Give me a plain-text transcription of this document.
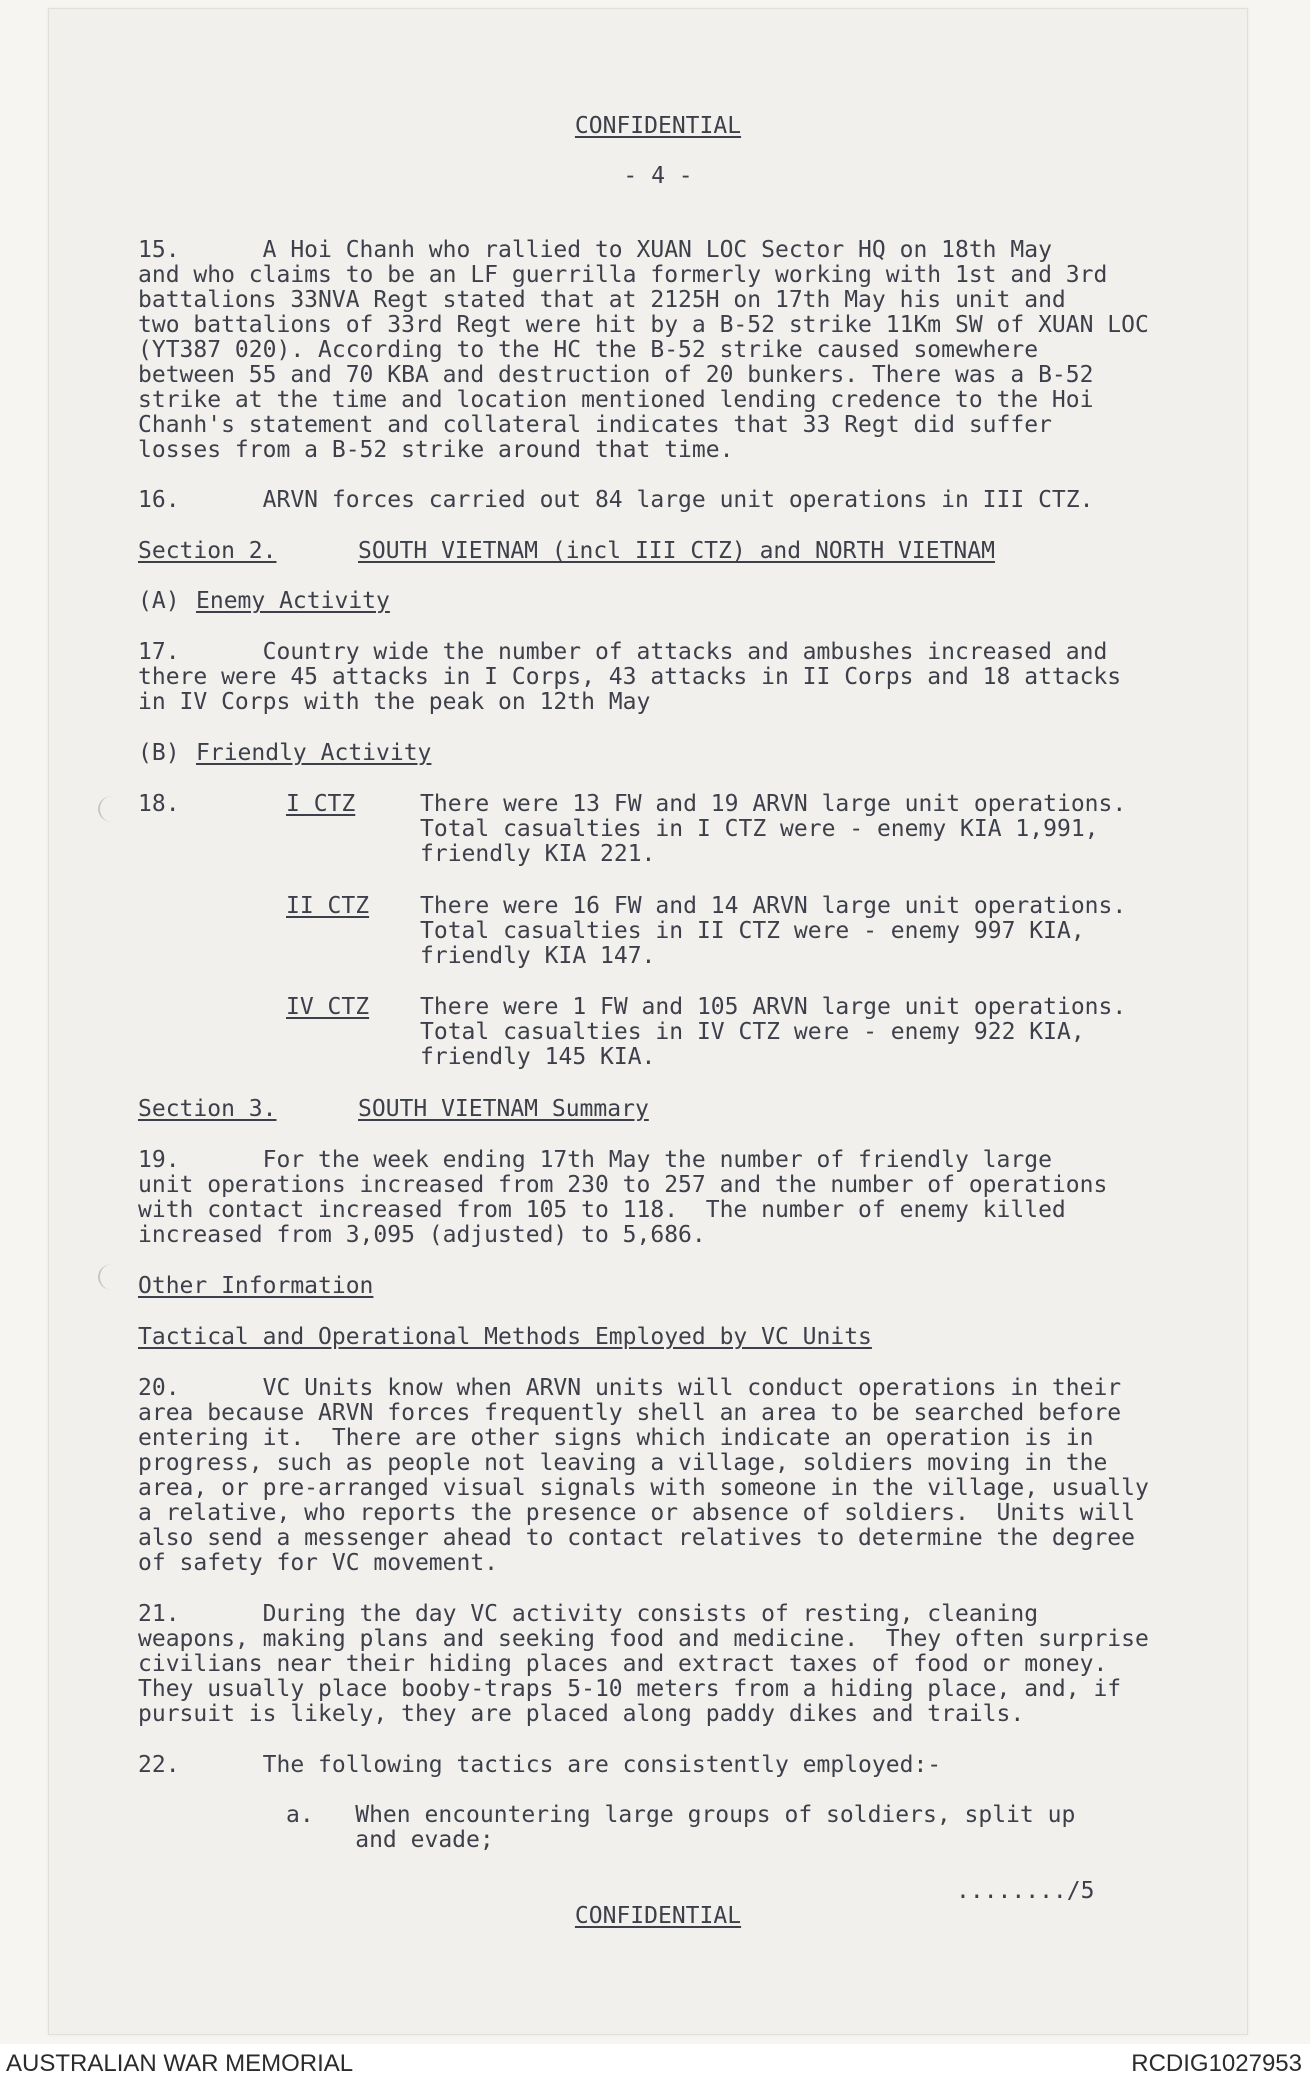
CONFIDENTIAL
- 4 -
15.      A Hoi Chanh who rallied to XUAN LOC Sector HQ on 18th May
and who claims to be an LF guerrilla formerly working with 1st and 3rd
battalions 33NVA Regt stated that at 2125H on 17th May his unit and
two battalions of 33rd Regt were hit by a B-52 strike 11Km SW of XUAN LOC
(YT387 020). According to the HC the B-52 strike caused somewhere
between 55 and 70 KBA and destruction of 20 bunkers. There was a B-52
strike at the time and location mentioned lending credence to the Hoi
Chanh's statement and collateral indicates that 33 Regt did suffer
losses from a B-52 strike around that time.
16.      ARVN forces carried out 84 large unit operations in III CTZ.
Section 2.	SOUTH VIETNAM (incl III CTZ) and NORTH VIETNAM
(A) Enemy Activity
17.      Country wide the number of attacks and ambushes increased and
there were 45 attacks in I Corps, 43 attacks in II Corps and 18 attacks
in IV Corps with the peak on 12th May
(B) Friendly Activity
18.	I CTZ	There were 13 FW and 19 ARVN large unit operations.
Total casualties in I CTZ were - enemy KIA 1,991,
friendly KIA 221.
II CTZ	There were 16 FW and 14 ARVN large unit operations.
Total casualties in II CTZ were - enemy 997 KIA,
friendly KIA 147.
IV CTZ	There were 1 FW and 105 ARVN large unit operations.
Total casualties in IV CTZ were - enemy 922 KIA,
friendly 145 KIA.
Section 3.	SOUTH VIETNAM Summary
19.      For the week ending 17th May the number of friendly large
unit operations increased from 230 to 257 and the number of operations
with contact increased from 105 to 118.  The number of enemy killed
increased from 3,095 (adjusted) to 5,686.
Other Information
Tactical and Operational Methods Employed by VC Units
20.      VC Units know when ARVN units will conduct operations in their
area because ARVN forces frequently shell an area to be searched before
entering it.  There are other signs which indicate an operation is in
progress, such as people not leaving a village, soldiers moving in the
area, or pre-arranged visual signals with someone in the village, usually
a relative, who reports the presence or absence of soldiers.  Units will
also send a messenger ahead to contact relatives to determine the degree
of safety for VC movement.
21.      During the day VC activity consists of resting, cleaning
weapons, making plans and seeking food and medicine.  They often surprise
civilians near their hiding places and extract taxes of food or money.
They usually place booby-traps 5-10 meters from a hiding place, and, if
pursuit is likely, they are placed along paddy dikes and trails.
22.      The following tactics are consistently employed:-
a.   When encountering large groups of soldiers, split up
and evade;
......../5
CONFIDENTIAL
AUSTRALIAN WAR MEMORIAL	RCDIG1027953
